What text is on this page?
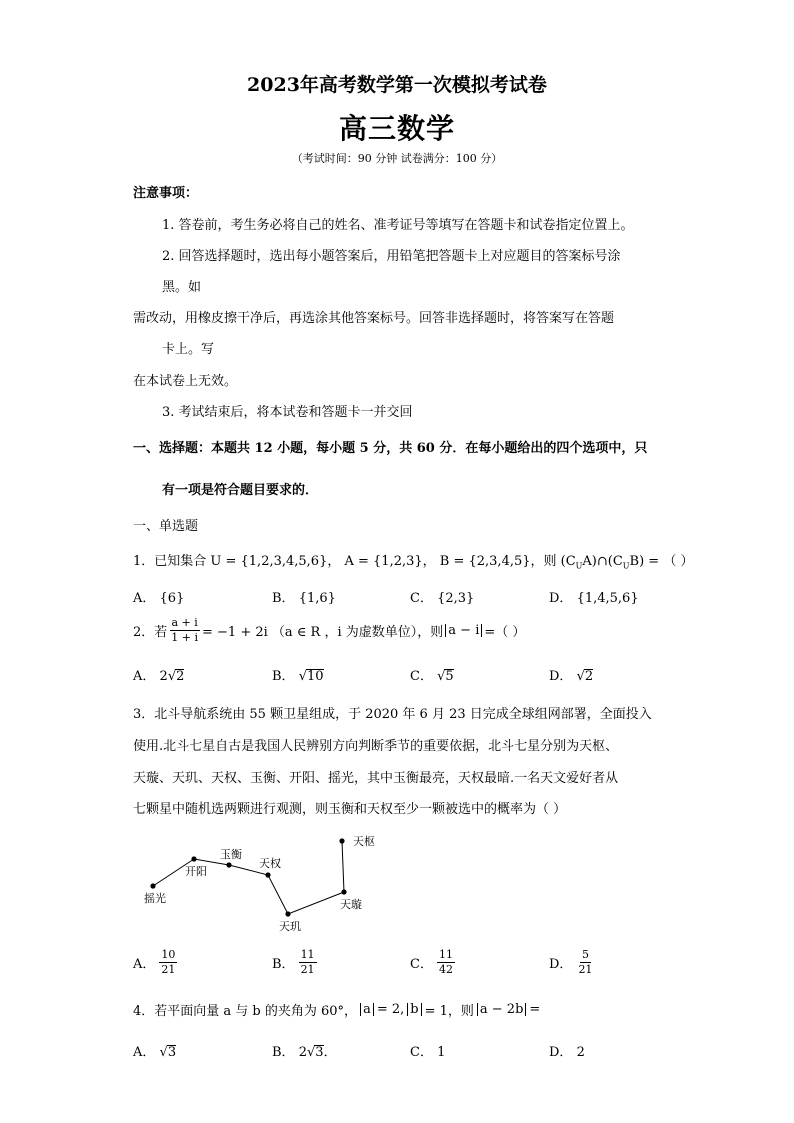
2023年高考数学第一次模拟考试卷
高三数学
（考试时间：90 分钟 试卷满分：100 分）
注意事项：
1. 答卷前，考生务必将自己的姓名、准考证号等填写在答题卡和试卷指定位置上。
2. 回答选择题时，选出每小题答案后，用铅笔把答题卡上对应题目的答案标号涂
黑。如
需改动，用橡皮擦干净后，再选涂其他答案标号。回答非选择题时，将答案写在答题
卡上。写
在本试卷上无效。
3. 考试结束后，将本试卷和答题卡一并交回
一、选择题：本题共 12 小题，每小题 5 分，共 60 分．在每小题给出的四个选项中，只
有一项是符合题目要求的．
一、单选题
1．已知集合 U = {1,2,3,4,5,6}， A = {1,2,3}， B = {2,3,4,5}，则 $(C_UA)\cap(C_UB)$ = （ ）
A． {6}	B． {1,6}	C． {2,3}	D． {1,4,5,6}
2．若 $\frac{a + i}{1 + i} = -1 + 2i$ （a ∈ R ，i 为虚数单位），则 a − i =（ ）
A． 2√2	B． √10	C． √5	D． √2
3．北斗导航系统由 55 颗卫星组成，于 2020 年 6 月 23 日完成全球组网部署，全面投入
使用.北斗七星自古是我国人民辨别方向判断季节的重要依据，北斗七星分别为天枢、
天璇、天玑、天权、玉衡、开阳、摇光，其中玉衡最亮，天权最暗.一名天文爱好者从
七颗星中随机选两颗进行观测，则玉衡和天权至少一颗被选中的概率为（ ）
摇光
开阳
玉衡
天权
天玑
天璇
天枢
A． $\frac{10}{21}$	B． $\frac{11}{21}$	C． $\frac{11}{42}$	D． $\frac{5}{21}$
4．若平面向量 a 与 b 的夹角为 60°， a = 2, b = 1，则 a − 2b =
A． √3	B． 2√3．	C． 1	D． 2
